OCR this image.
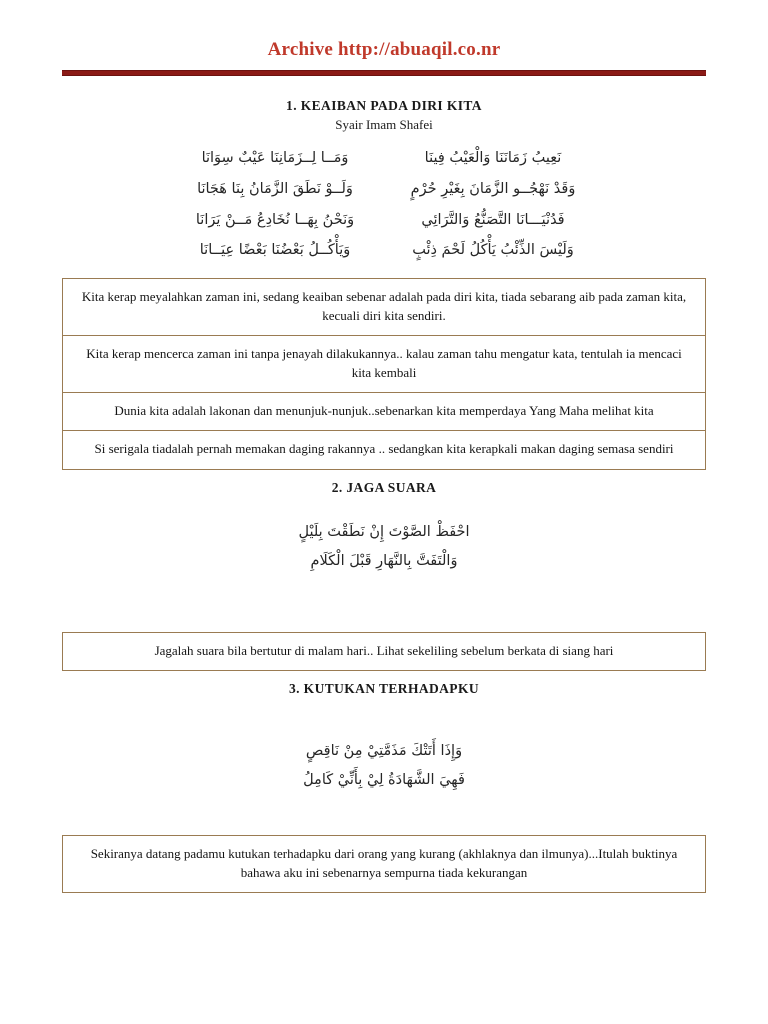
Archive http://abuaqil.co.nr
1. KEAIBAN PADA DIRI KITA
Syair Imam Shafei
نَعِيبُ زَمَانَنَا وَالْعَيْبُ فِينَا
وَمَــا لِــزَمَانِنَا عَيْبٌ سِوَانَا
وَقَدْ نَهْجُــو الزَّمَانَ بِغَيْرِ حُرْمٍ
وَلَــوْ نَطَقَ الزَّمَانُ بِنَا هَجَانَا
فَدُنْيَـــانَا التَّصَنُّعُ وَالتَّرَائِي
وَنَحْنُ بِهَــا نُخَادِعُ مَــنْ يَرَانَا
وَلَيْسَ الذِّئْبُ يَأْكُلُ لَحْمَ ذِئْبٍ
وَيَأْكُــلُ بَعْضُنَا بَعْضًا عِيَــانَا
Kita kerap meyalahkan zaman ini, sedang keaiban sebenar adalah pada diri kita, tiada sebarang aib pada zaman kita, kecuali diri kita sendiri.
Kita kerap mencerca zaman ini tanpa jenayah dilakukannya.. kalau zaman tahu mengatur kata, tentulah ia mencaci kita kembali
Dunia kita adalah lakonan dan menunjuk-nunjuk..sebenarkan kita memperdaya Yang Maha melihat kita
Si serigala tiadalah pernah memakan daging rakannya .. sedangkan kita kerapkali makan daging semasa sendiri
2. JAGA SUARA
احْفَظْ الصَّوْتَ إِنْ نَطَقْتَ بِلَيْلٍ
وَالْتَفَتَّ بِالنَّهَارِ قَبْلَ الْكَلَامِ
Jagalah suara bila bertutur di malam hari.. Lihat sekeliling sebelum berkata di siang hari
3. KUTUKAN TERHADAPKU
وَإِذَا أَتَتْكَ مَذَمَّتِيْ مِنْ نَاقِصٍ
فَهِيَ الشَّهَادَةُ لِيْ بِأَنِّيْ كَامِلُ
Sekiranya datang padamu kutukan terhadapku dari orang yang kurang (akhlaknya dan ilmunya)...Itulah buktinya bahawa aku ini sebenarnya sempurna tiada kekurangan
